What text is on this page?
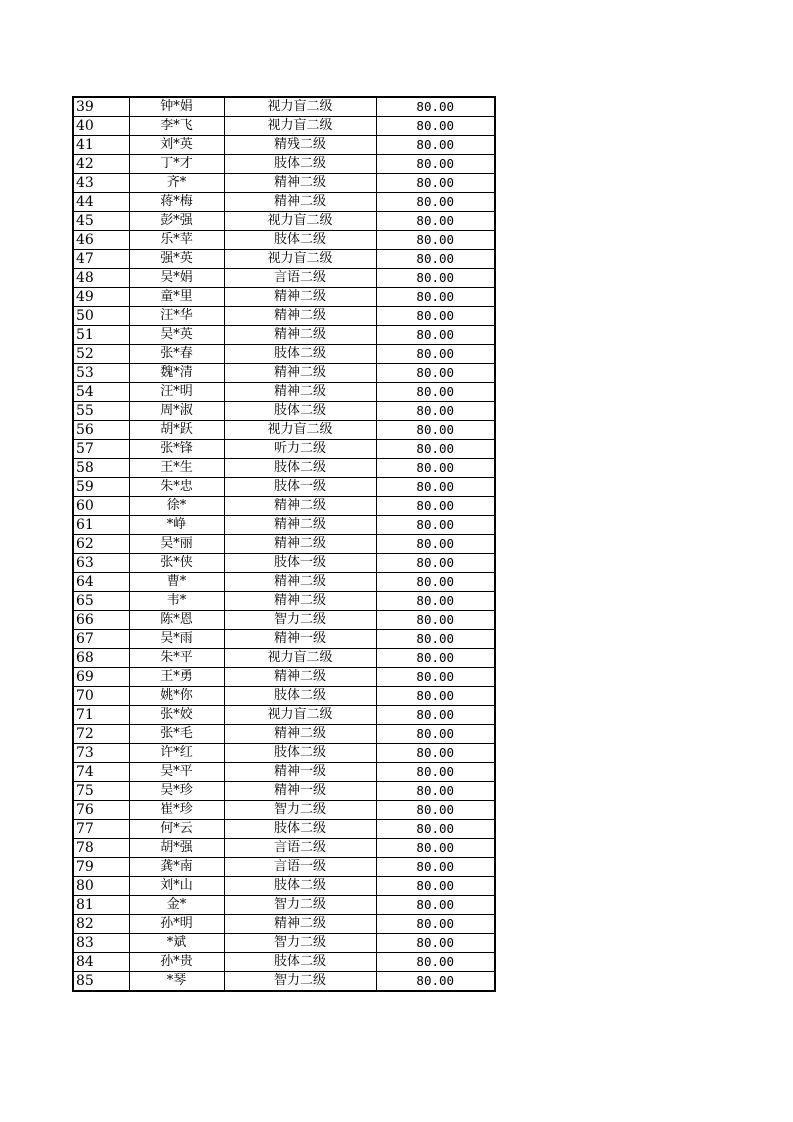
39	钟*娟	视力盲二级	80.00
40	李*飞	视力盲二级	80.00
41	刘*英	精残二级	80.00
42	丁*才	肢体二级	80.00
43	齐*	精神二级	80.00
44	蒋*梅	精神二级	80.00
45	彭*强	视力盲二级	80.00
46	乐*苹	肢体二级	80.00
47	强*英	视力盲二级	80.00
48	吴*娟	言语二级	80.00
49	童*里	精神二级	80.00
50	汪*华	精神二级	80.00
51	吴*英	精神二级	80.00
52	张*春	肢体二级	80.00
53	魏*清	精神二级	80.00
54	汪*明	精神二级	80.00
55	周*淑	肢体二级	80.00
56	胡*跃	视力盲二级	80.00
57	张*锋	听力二级	80.00
58	王*生	肢体二级	80.00
59	朱*忠	肢体一级	80.00
60	徐*	精神二级	80.00
61	*峥	精神二级	80.00
62	吴*丽	精神二级	80.00
63	张*侠	肢体一级	80.00
64	曹*	精神二级	80.00
65	韦*	精神二级	80.00
66	陈*恩	智力二级	80.00
67	吴*雨	精神一级	80.00
68	朱*平	视力盲二级	80.00
69	王*勇	精神二级	80.00
70	姚*你	肢体二级	80.00
71	张*姣	视力盲二级	80.00
72	张*毛	精神二级	80.00
73	许*红	肢体二级	80.00
74	吴*平	精神一级	80.00
75	吴*珍	精神一级	80.00
76	崔*珍	智力二级	80.00
77	何*云	肢体二级	80.00
78	胡*强	言语二级	80.00
79	龚*南	言语一级	80.00
80	刘*山	肢体二级	80.00
81	金*	智力二级	80.00
82	孙*明	精神二级	80.00
83	*斌	智力二级	80.00
84	孙*贵	肢体二级	80.00
85	*琴	智力二级	80.00
